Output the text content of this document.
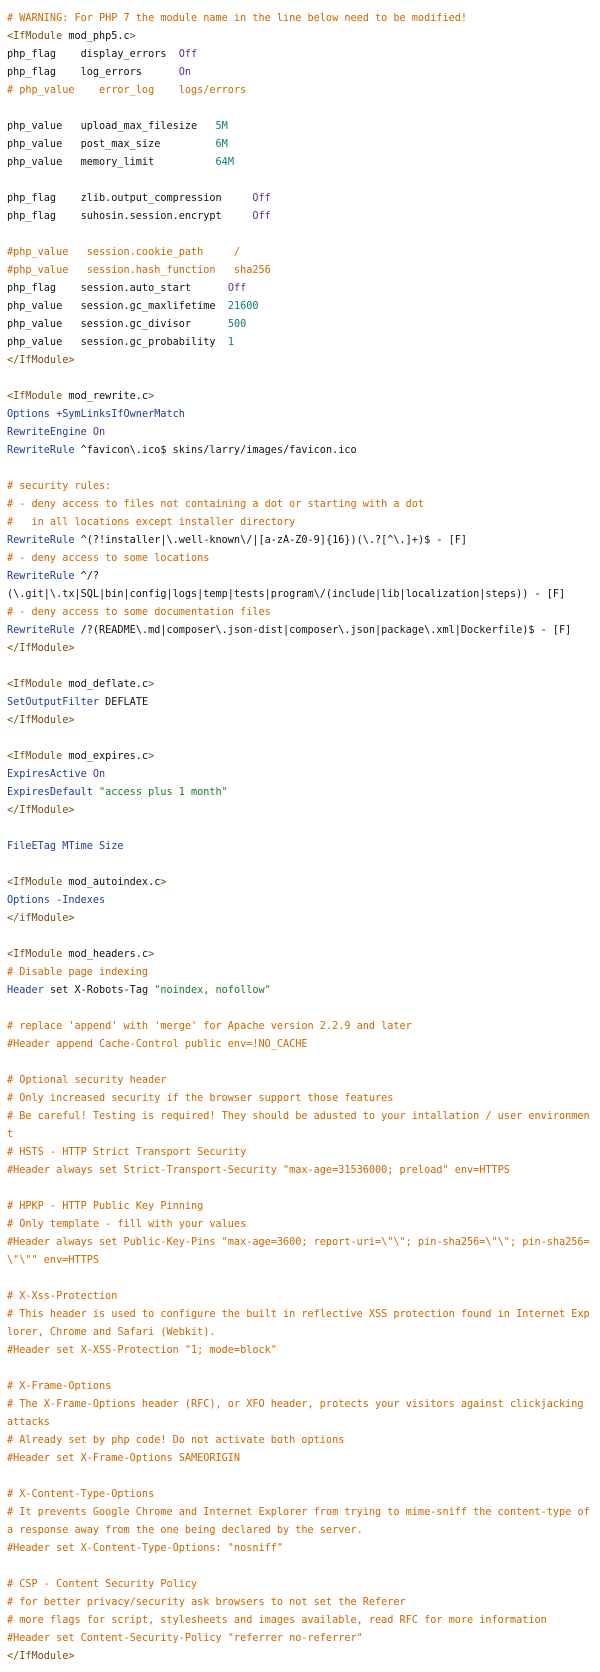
# WARNING: For PHP 7 the module name in the line below need to be modified!
<IfModule mod_php5.c>
php_flag    display_errors  Off
php_flag    log_errors      On
# php_value    error_log    logs/errors

php_value   upload_max_filesize   5M
php_value   post_max_size         6M
php_value   memory_limit          64M

php_flag    zlib.output_compression     Off
php_flag    suhosin.session.encrypt     Off

#php_value   session.cookie_path     /
#php_value   session.hash_function   sha256
php_flag    session.auto_start      Off
php_value   session.gc_maxlifetime  21600
php_value   session.gc_divisor      500
php_value   session.gc_probability  1
</IfModule>

<IfModule mod_rewrite.c>
Options +SymLinksIfOwnerMatch
RewriteEngine On
RewriteRule ^favicon\.ico$ skins/larry/images/favicon.ico

# security rules:
# - deny access to files not containing a dot or starting with a dot
#   in all locations except installer directory
RewriteRule ^(?!installer|\.well-known\/|[a-zA-Z0-9]{16})(\.?[^\.]+)$ - [F]
# - deny access to some locations
RewriteRule ^/?
(\.git|\.tx|SQL|bin|config|logs|temp|tests|program\/(include|lib|localization|steps)) - [F]
# - deny access to some documentation files
RewriteRule /?(README\.md|composer\.json-dist|composer\.json|package\.xml|Dockerfile)$ - [F]
</IfModule>

<IfModule mod_deflate.c>
SetOutputFilter DEFLATE
</IfModule>

<IfModule mod_expires.c>
ExpiresActive On
ExpiresDefault "access plus 1 month"
</IfModule>

FileETag MTime Size

<IfModule mod_autoindex.c>
Options -Indexes
</ifModule>

<IfModule mod_headers.c>
# Disable page indexing
Header set X-Robots-Tag "noindex, nofollow"

# replace 'append' with 'merge' for Apache version 2.2.9 and later
#Header append Cache-Control public env=!NO_CACHE

# Optional security header
# Only increased security if the browser support those features
# Be careful! Testing is required! They should be adusted to your intallation / user environment

# HSTS - HTTP Strict Transport Security
#Header always set Strict-Transport-Security "max-age=31536000; preload" env=HTTPS

# HPKP - HTTP Public Key Pinning
# Only template - fill with your values
#Header always set Public-Key-Pins "max-age=3600; report-uri=\"\"; pin-sha256=\"\"; pin-sha256=\"\"" env=HTTPS

# X-Xss-Protection
# This header is used to configure the built in reflective XSS protection found in Internet Explorer, Chrome and Safari (Webkit).
#Header set X-XSS-Protection "1; mode=block"

# X-Frame-Options
# The X-Frame-Options header (RFC), or XFO header, protects your visitors against clickjacking attacks
# Already set by php code! Do not activate both options
#Header set X-Frame-Options SAMEORIGIN

# X-Content-Type-Options
# It prevents Google Chrome and Internet Explorer from trying to mime-sniff the content-type of a response away from the one being declared by the server.
#Header set X-Content-Type-Options: "nosniff"

# CSP - Content Security Policy
# for better privacy/security ask browsers to not set the Referer
# more flags for script, stylesheets and images available, read RFC for more information
#Header set Content-Security-Policy "referrer no-referrer"
</IfModule>
